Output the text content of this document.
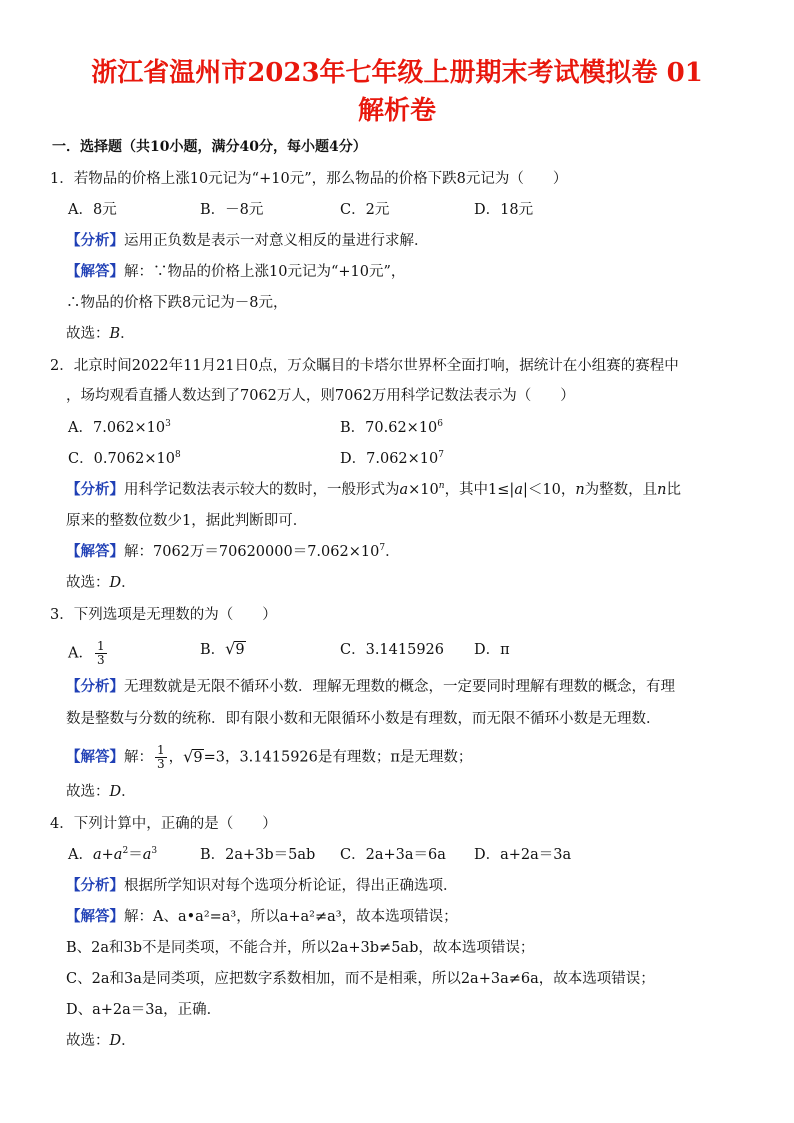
浙江省温州市2023年七年级上册期末考试模拟卷 01
解析卷
一．选择题（共10小题，满分40分，每小题4分）
1．若物品的价格上涨10元记为“+10元”，那么物品的价格下跌8元记为（　　）
A．8元	B．－8元	C．2元	D．18元
【分析】运用正负数是表示一对意义相反的量进行求解．
【解答】解：∵物品的价格上涨10元记为“+10元”，
∴物品的价格下跌8元记为－8元，
故选：B．
2．北京时间2022年11月21日0点，万众瞩目的卡塔尔世界杯全面打响，据统计在小组赛的赛程中
，场均观看直播人数达到了7062万人，则7062万用科学记数法表示为（　　）
A．$7.062\times 10^3$	B．$70.62\times 10^6$
C．$0.7062\times 10^8$	D．$7.062\times 10^7$
【分析】用科学记数法表示较大的数时，一般形式为$a\times 10^n$，其中1≤|a|＜10，n为整数，且n比
原来的整数位数少1，据此判断即可．
【解答】解：7062万$=70620000=7.062\times 10^7$．
故选：D．
3．下列选项是无理数的为（　　）
A． $\frac{1}{3}$	B． √ 9	C．3.1415926 D．π
【分析】无理数就是无限不循环小数．理解无理数的概念，一定要同时理解有理数的概念，有理
数是整数与分数的统称．即有限小数和无限循环小数是有理数，而无限不循环小数是无理数．
【解答】解： $\frac{1}{3}$ ， √ 9 =3，3.1415926是有理数；π是无理数；
故选：D．
4．下列计算中，正确的是（　　）
A．$a+a^2=a^3$	B．2a+3b＝5ab C．2a+3a＝6a D．a+2a＝3a
【分析】根据所学知识对每个选项分析论证，得出正确选项．
【解答】解：A、a•a²=a³，所以a+a²≠a³，故本选项错误；
B、2a和3b不是同类项，不能合并，所以2a+3b≠5ab，故本选项错误；
C、2a和3a是同类项，应把数字系数相加，而不是相乘，所以2a+3a≠6a，故本选项错误；
D、a+2a＝3a，正确．
故选：D．
